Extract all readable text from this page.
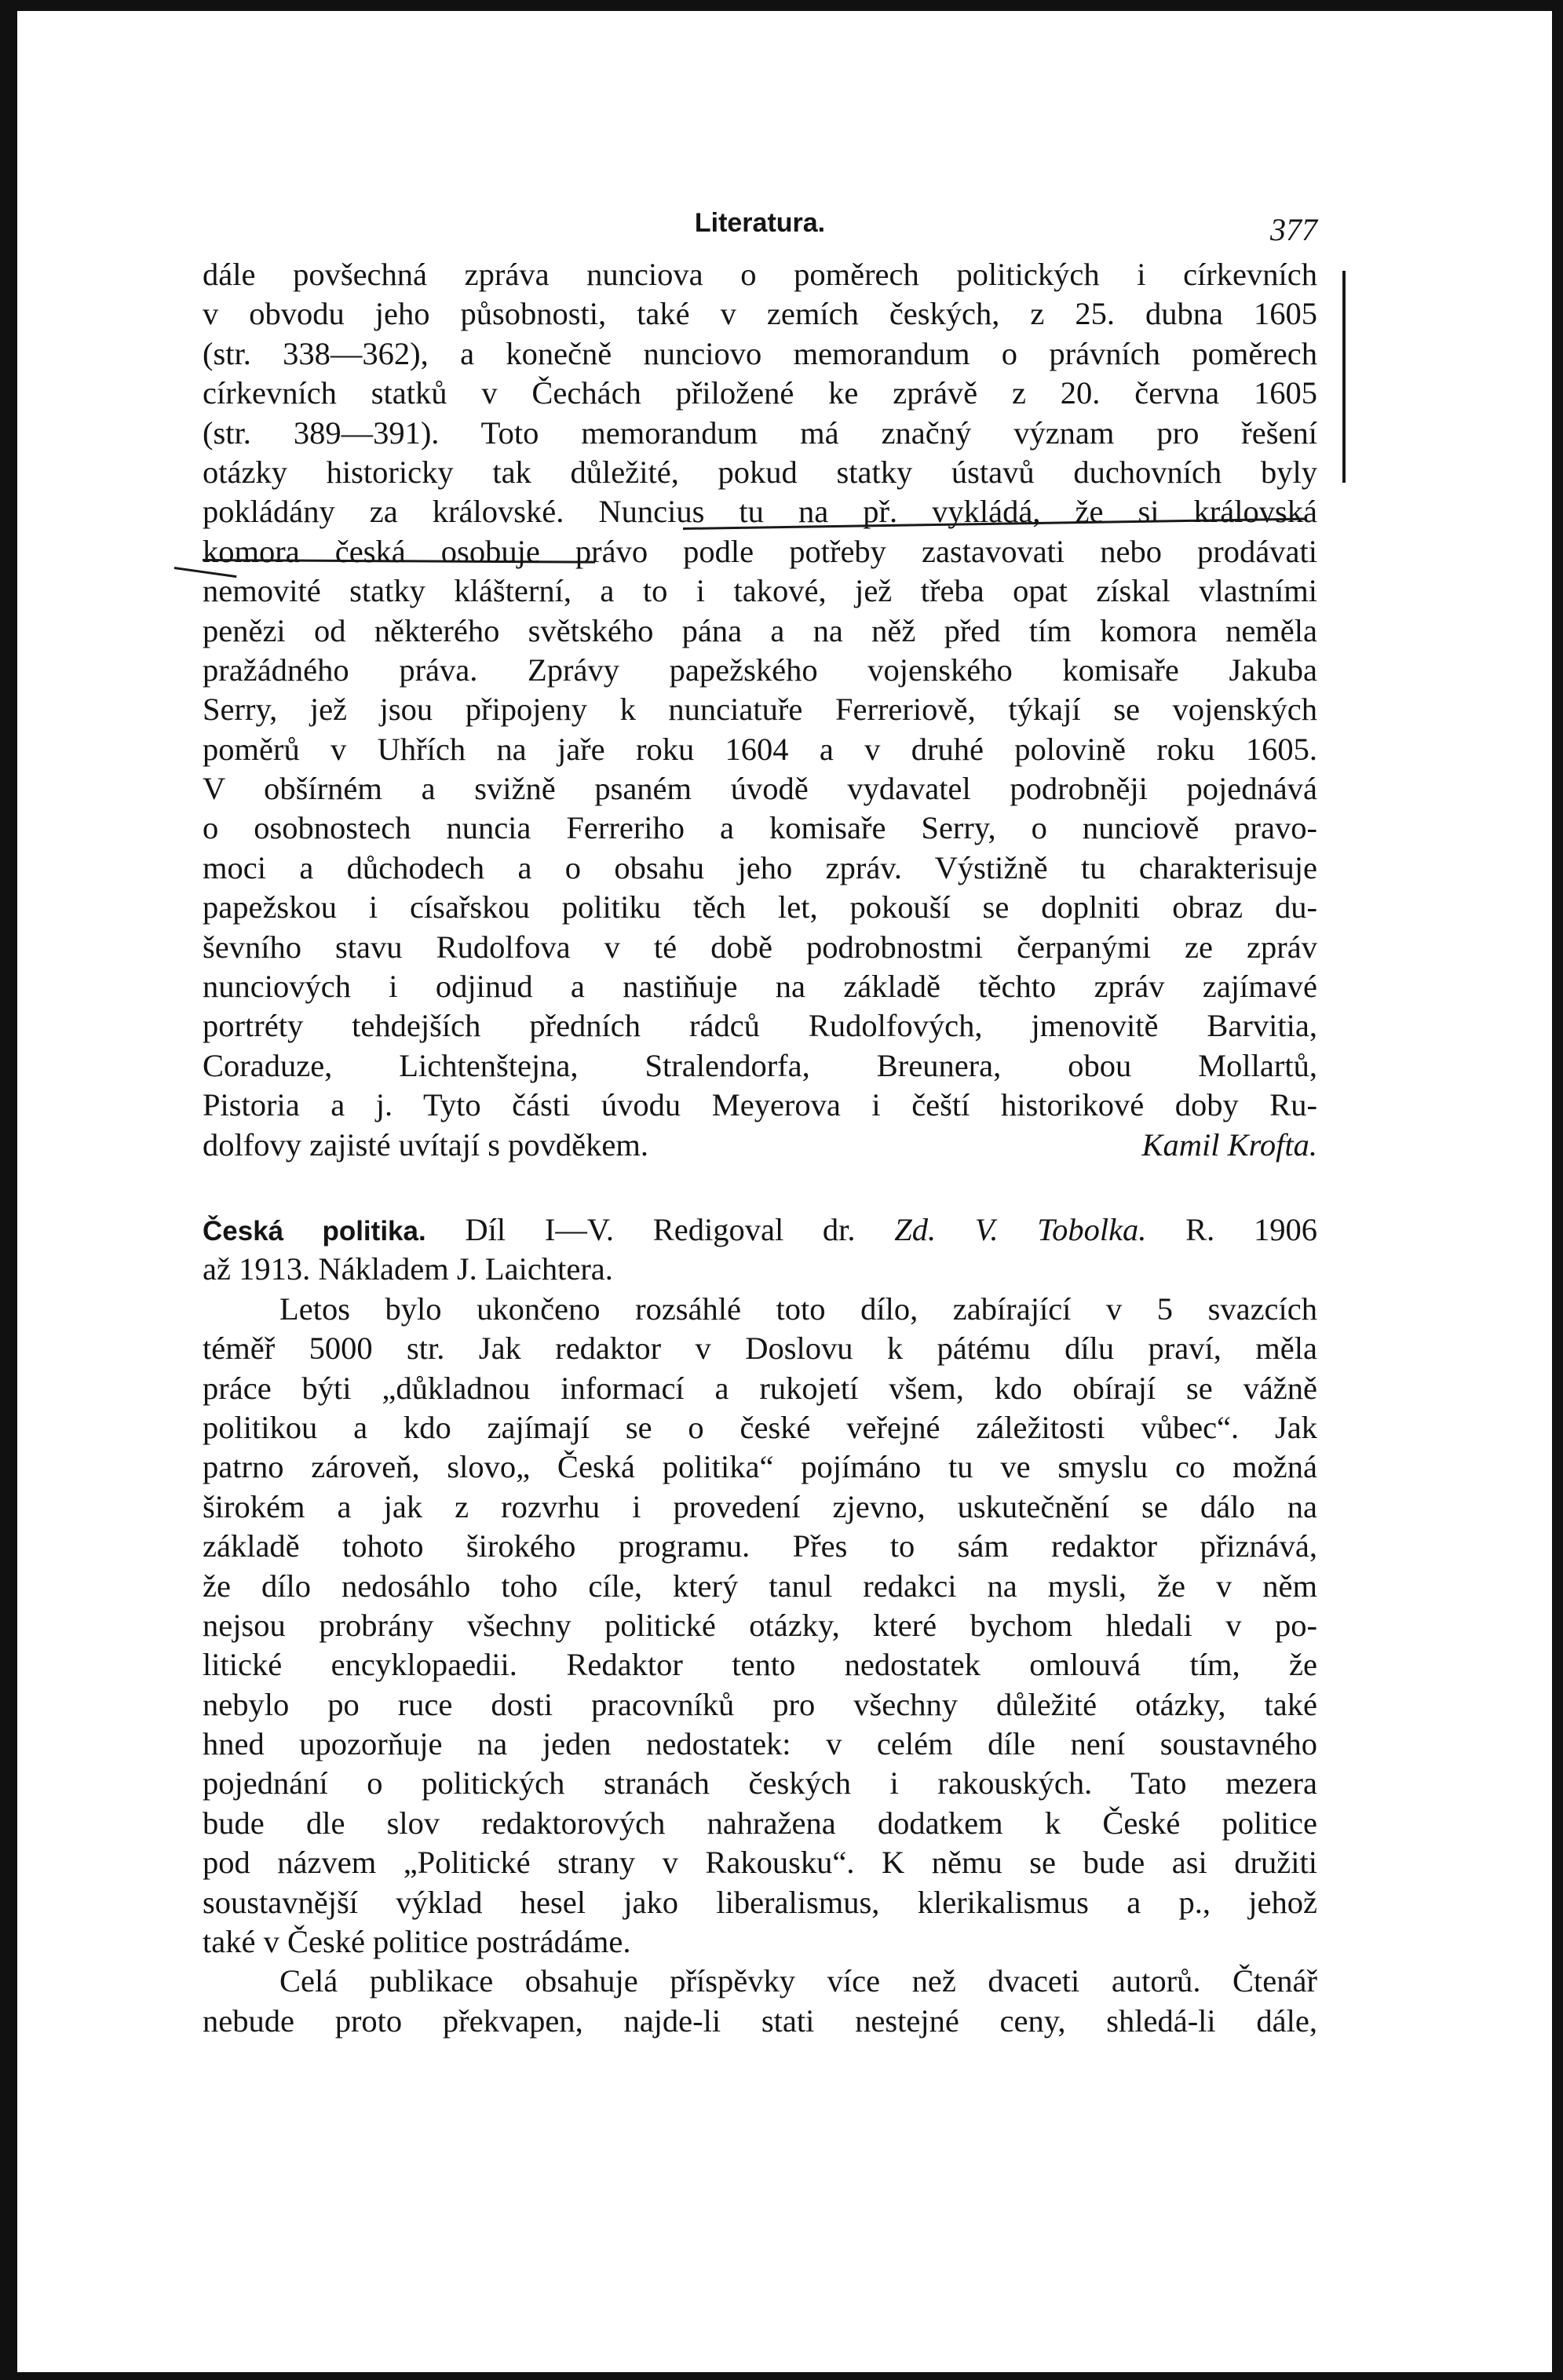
Literatura.	377
dále povšechná zpráva nunciova o poměrech politických i církevních
v obvodu jeho působnosti, také v zemích českých, z 25. dubna 1605
(str. 338—362), a konečně nunciovo memorandum o právních poměrech
církevních statků v Čechách přiložené ke zprávě z 20. června 1605
(str. 389—391). Toto memorandum má značný význam pro řešení
otázky historicky tak důležité, pokud statky ústavů duchovních byly
pokládány za královské. Nuncius tu na př. vykládá, že si královská
komora česká osobuje právo podle potřeby zastavovati nebo prodávati
nemovité statky klášterní, a to i takové, jež třeba opat získal vlastními
penězi od některého světského pána a na něž před tím komora neměla
pražádného práva. Zprávy papežského vojenského komisaře Jakuba
Serry, jež jsou připojeny k nunciatuře Ferreriově, týkají se vojenských
poměrů v Uhřích na jaře roku 1604 a v druhé polovině roku 1605.
V obšírném a svižně psaném úvodě vydavatel podrobněji pojednává
o osobnostech nuncia Ferreriho a komisaře Serry, o nunciově pravo-
moci a důchodech a o obsahu jeho zpráv. Výstižně tu charakterisuje
papežskou i císařskou politiku těch let, pokouší se doplniti obraz du-
ševního stavu Rudolfova v té době podrobnostmi čerpanými ze zpráv
nunciových i odjinud a nastiňuje na základě těchto zpráv zajímavé
portréty tehdejších předních rádců Rudolfových, jmenovitě Barvitia,
Coraduze, Lichtenštejna, Stralendorfa, Breunera, obou Mollartů,
Pistoria a j. Tyto části úvodu Meyerova i čeští historikové doby Ru-
dolfovy zajisté uvítají s povděkem.	Kamil Krofta.
Česká politika. Díl I—V. Redigoval dr. Zd. V. Tobolka. R. 1906
až 1913. Nákladem J. Laichtera.
Letos bylo ukončeno rozsáhlé toto dílo, zabírající v 5 svazcích
téměř 5000 str. Jak redaktor v Doslovu k pátému dílu praví, měla
práce býti „důkladnou informací a rukojetí všem, kdo obírají se vážně
politikou a kdo zajímají se o české veřejné záležitosti vůbec“. Jak
patrno zároveň, slovo„ Česká politika“ pojímáno tu ve smyslu co možná
širokém a jak z rozvrhu i provedení zjevno, uskutečnění se dálo na
základě tohoto širokého programu. Přes to sám redaktor přiznává,
že dílo nedosáhlo toho cíle, který tanul redakci na mysli, že v něm
nejsou probrány všechny politické otázky, které bychom hledali v po-
litické encyklopaedii. Redaktor tento nedostatek omlouvá tím, že
nebylo po ruce dosti pracovníků pro všechny důležité otázky, také
hned upozorňuje na jeden nedostatek: v celém díle není soustavného
pojednání o politických stranách českých i rakouských. Tato mezera
bude dle slov redaktorových nahražena dodatkem k České politice
pod názvem „Politické strany v Rakousku“. K němu se bude asi družiti
soustavnější výklad hesel jako liberalismus, klerikalismus a p., jehož
také v České politice postrádáme.
Celá publikace obsahuje příspěvky více než dvaceti autorů. Čtenář
nebude proto překvapen, najde-li stati nestejné ceny, shledá-li dále,
